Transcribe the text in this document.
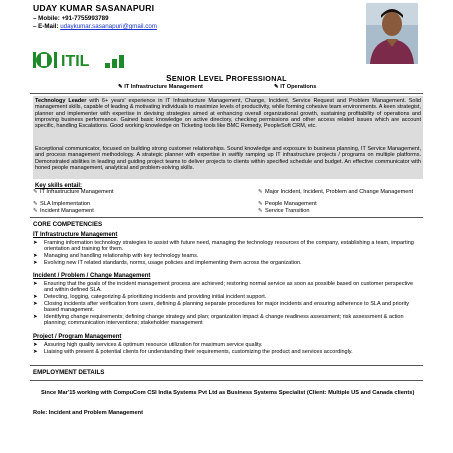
UDAY KUMAR SASANAPURI
– Mobile: +91-7755993789
– E-Mail: udaykumar.sasanapuri@gmail.com
ITIL
SENIOR LEVEL PROFESSIONAL
✎ IT Infrastructure Management	✎ IT Operations
Technology Leader with 6+ years' experience in IT Infrastructure Management, Change, Incident, Service Request and Problem Management. Solid management skills, capable of leading & motivating individuals to maximize levels of productivity, while forming cohesive team environments. A keen strategist, planner and implementer with expertise in devising strategies aimed at enhancing overall organizational growth, sustaining profitability of operations and improving business performance. Gained basic knowledge on active directory, checking permissions and other access related issues which are account specific, handling Escalations. Good working knowledge on Ticketing tools like BMC Remedy, PeopleSoft CRM, etc.
Exceptional communicator, focused on building strong customer relationships. Sound knowledge and exposure to business planning, IT Service Management, and process management methodology. A strategic planner with expertise in swiftly ramping up IT infrastructure projects / programs on multiple platforms. Demonstrated abilities in leading and guiding project teams to deliver projects to clients within specified schedule and budget. An effective communicator with honed people management, analytical and problem-solving skills.
Key skills entail:
✎ IT Infrastructure Management	✎ Major Incident, Incident, Problem and Change Management
✎ SLA Implementation	✎ People Management
✎ Incident Management	✎ Service Transition
CORE COMPETENCIES
IT Infrastructure Management
➤ Framing information technology strategies to assist with future need, managing the technology resources of the company, establishing a team, imparting orientation and training for them.
➤ Managing and handling relationship with key technology teams.
➤ Evolving new IT related standards, norms, usage policies and implementing them across the organization.
Incident / Problem / Change Management
➤ Ensuring that the goals of the incident management process are achieved; restoring normal service as soon as possible based on customer perspective and within defined SLA.
➤ Detecting, logging, categorizing & prioritizing incidents and providing initial incident support.
➤ Closing incidents after verification from users, defining & planning separate procedures for major incidents and ensuring adherence to SLA and priority based management.
➤ Identifying change requirements; defining change strategy and plan; organization impact & change readiness assessment; risk assessment & action planning; communication interventions; stakeholder management
Project / Program Management
➤ Assuring high quality services & optimum resource utilization for maximum service quality.
➤ Liaising with present & potential clients for understanding their requirements, customizing the product and services accordingly.
EMPLOYMENT DETAILS
Since Mar'15 working with CompuCom CSI India Systems Pvt Ltd as Business Systems Specialist (Client: Multiple US and Canada clients)
Role: Incident and Problem Management
